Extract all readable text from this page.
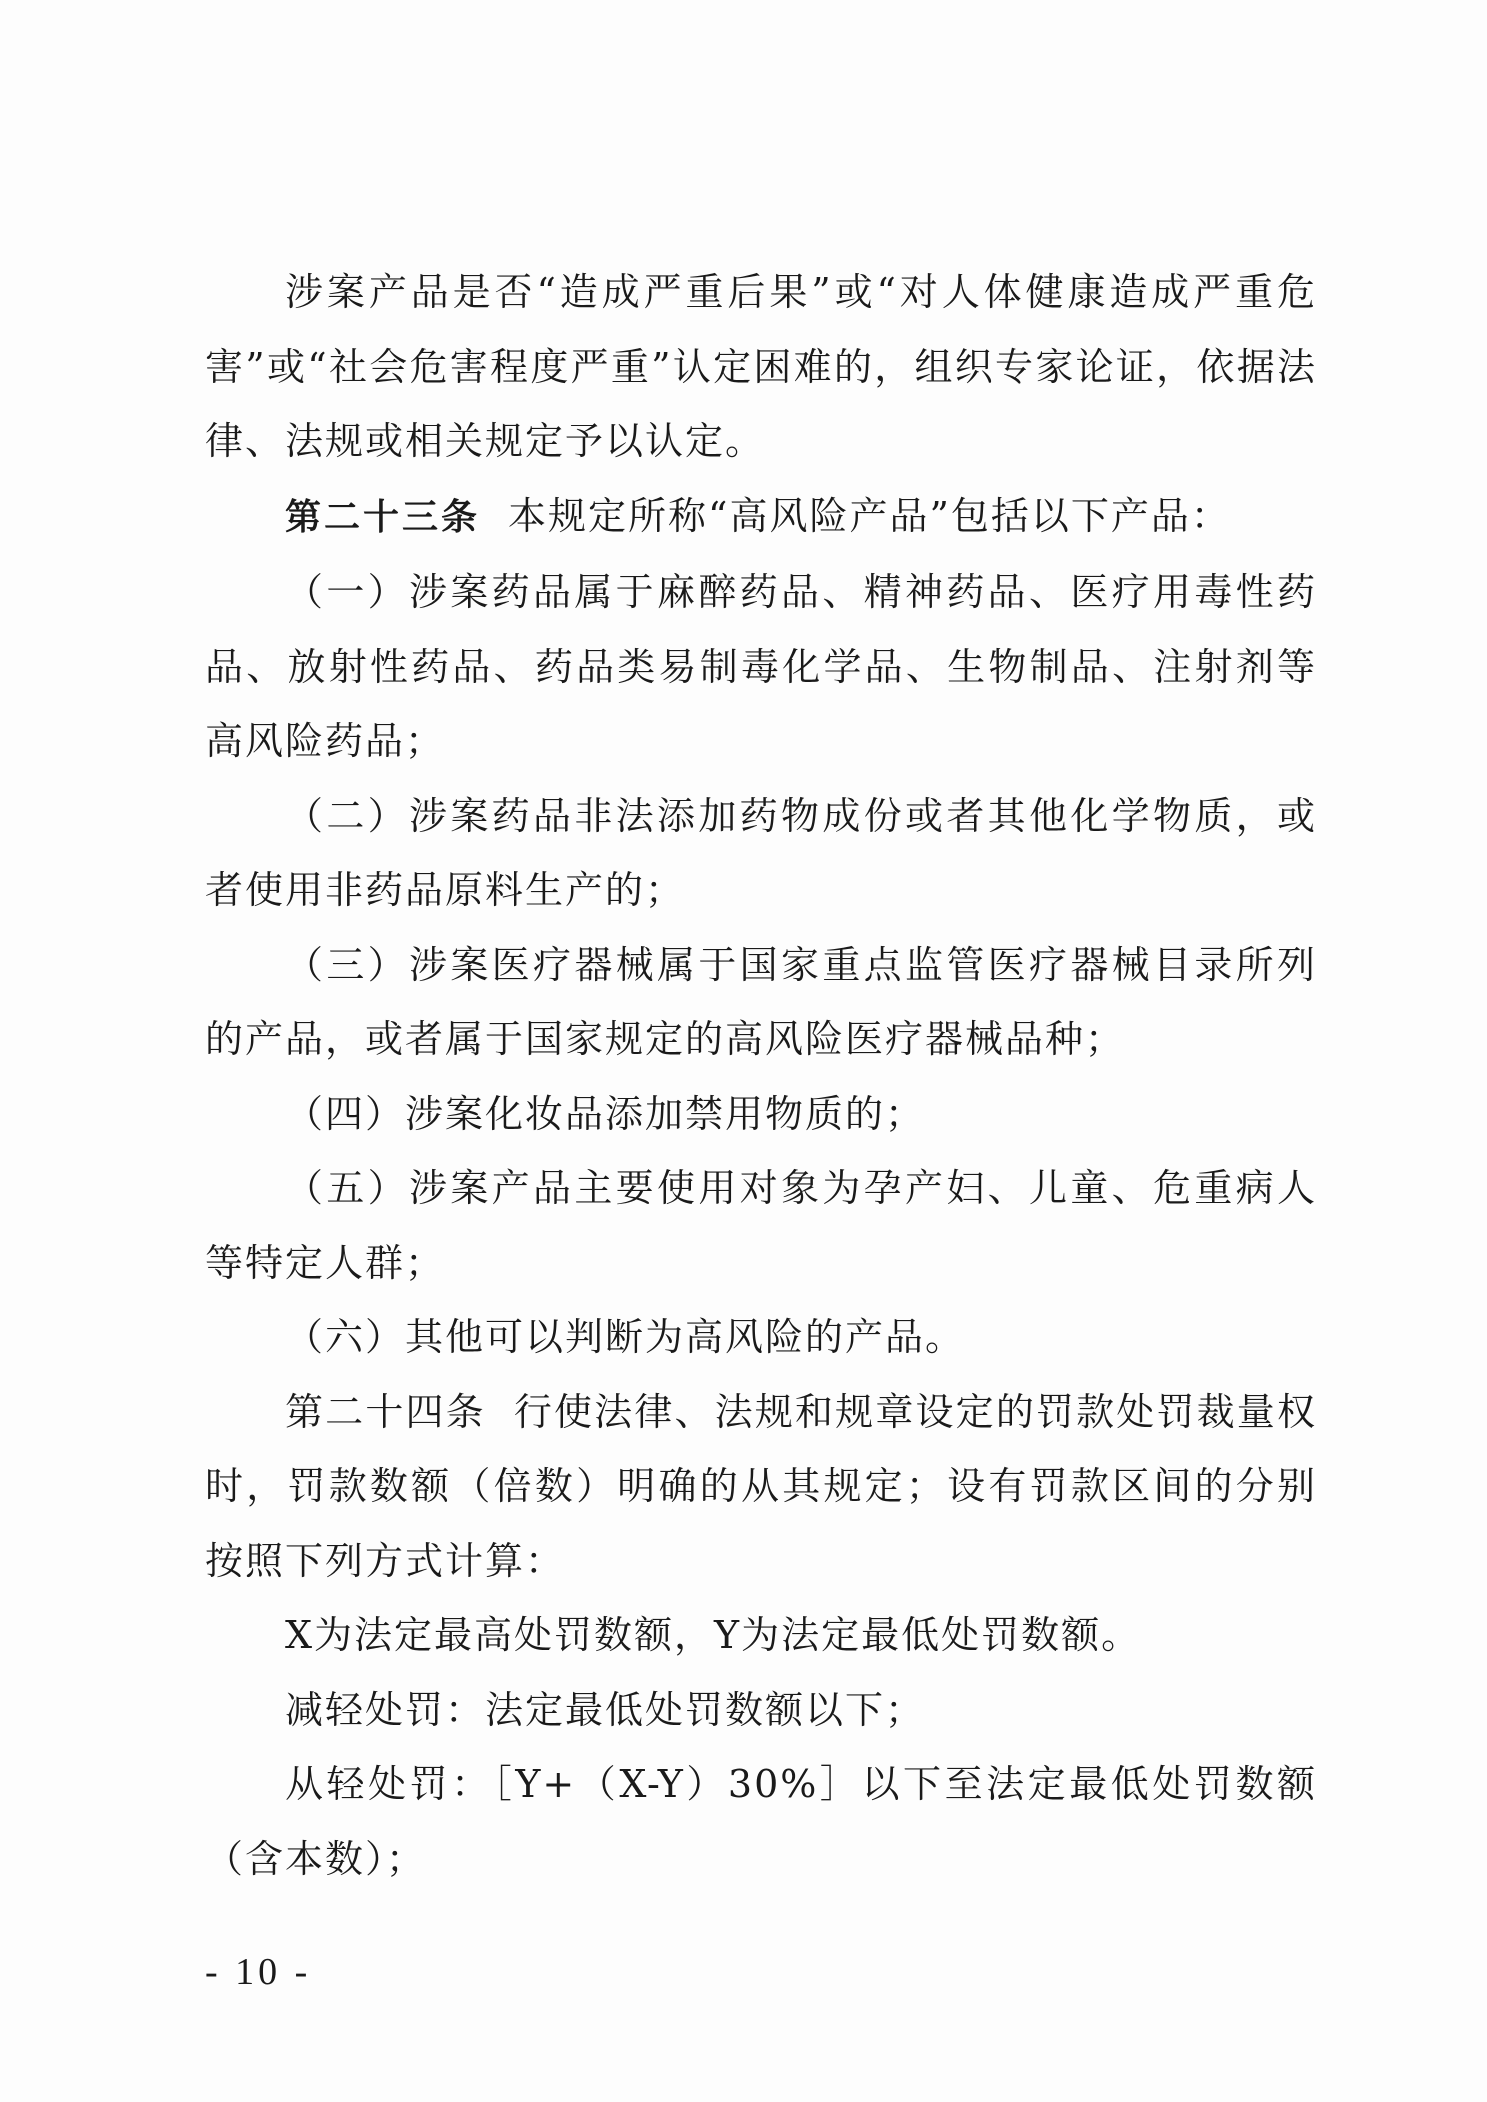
涉案产品是否“造成严重后果”或“对人体健康造成严重危害”或“社会危害程度严重”认定困难的，组织专家论证，依据法律、法规或相关规定予以认定。

第二十三条 本规定所称“高风险产品”包括以下产品：

（一）涉案药品属于麻醉药品、精神药品、医疗用毒性药品、放射性药品、药品类易制毒化学品、生物制品、注射剂等高风险药品；

（二）涉案药品非法添加药物成份或者其他化学物质，或者使用非药品原料生产的；

（三）涉案医疗器械属于国家重点监管医疗器械目录所列的产品，或者属于国家规定的高风险医疗器械品种；

（四）涉案化妆品添加禁用物质的；

（五）涉案产品主要使用对象为孕产妇、儿童、危重病人等特定人群；

（六）其他可以判断为高风险的产品。

第二十四条 行使法律、法规和规章设定的罚款处罚裁量权时，罚款数额（倍数）明确的从其规定；设有罚款区间的分别按照下列方式计算：

X为法定最高处罚数额，Y为法定最低处罚数额。

减轻处罚：法定最低处罚数额以下；

从轻处罚：［Y+（X-Y）30%］以下至法定最低处罚数额（含本数）；

- 10 -
